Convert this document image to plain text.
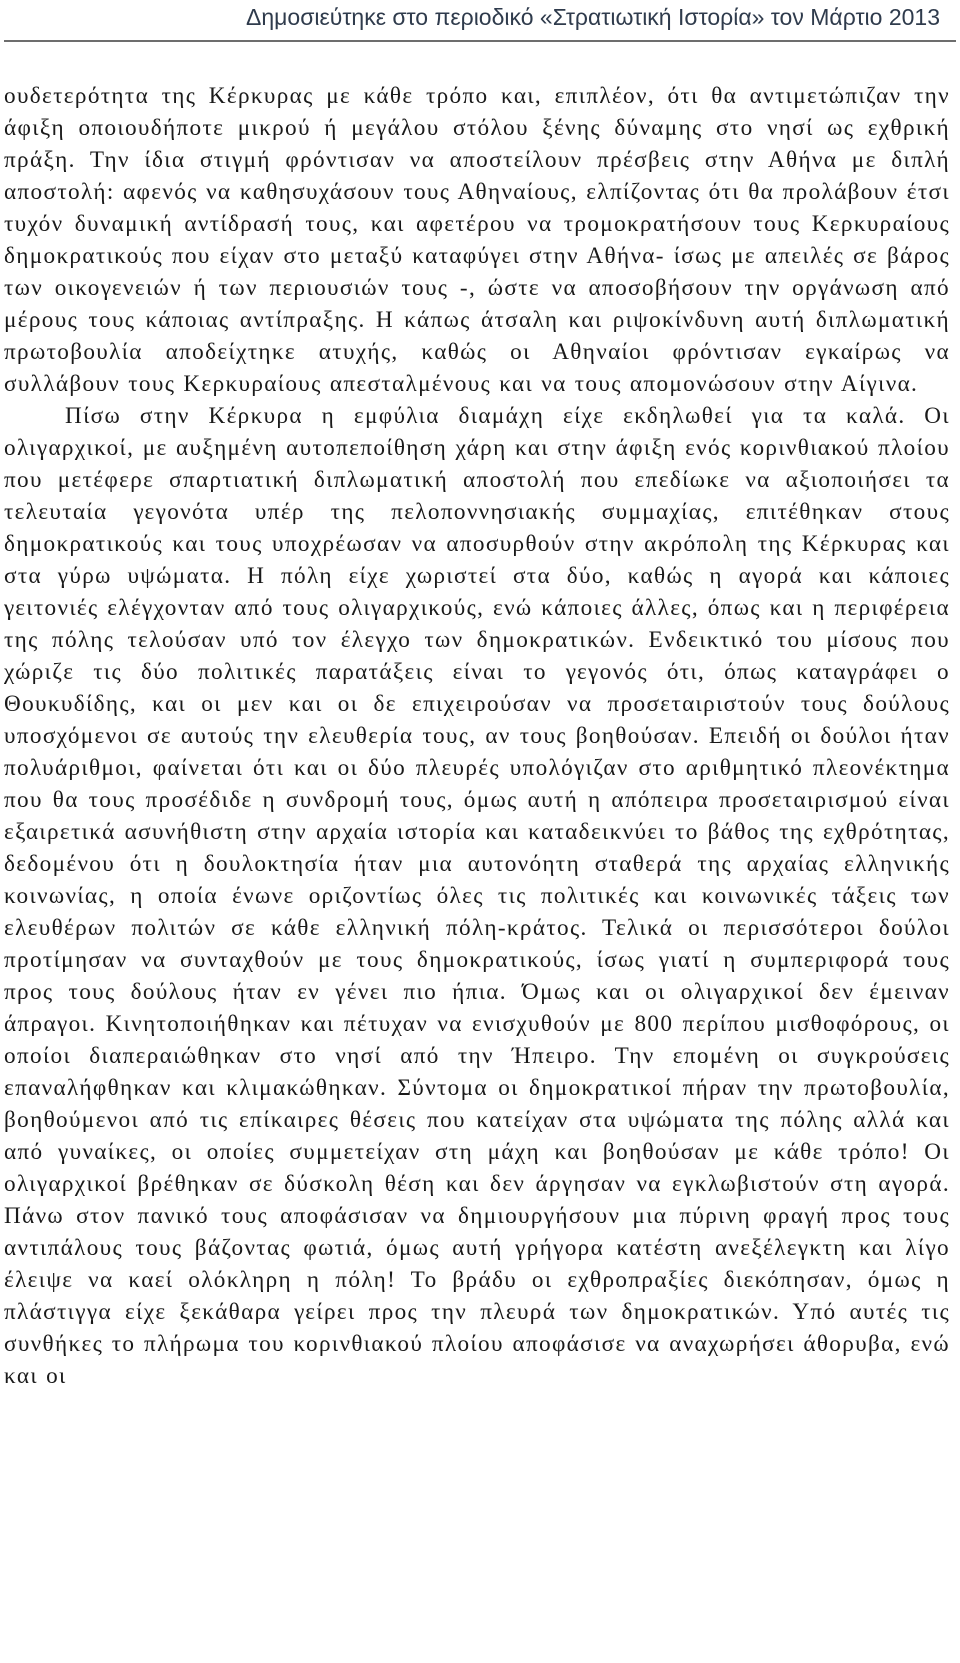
Δημοσιεύτηκε στο περιοδικό «Στρατιωτική Ιστορία» τον Μάρτιο 2013

ουδετερότητα της Κέρκυρας με κάθε τρόπο και, επιπλέον, ότι θα αντιμετώπιζαν την άφιξη οποιουδήποτε μικρού ή μεγάλου στόλου ξένης δύναμης στο νησί ως εχθρική πράξη. Την ίδια στιγμή φρόντισαν να αποστείλουν πρέσβεις στην Αθήνα με διπλή αποστολή: αφενός να καθησυχάσουν τους Αθηναίους, ελπίζοντας ότι θα προλάβουν έτσι τυχόν δυναμική αντίδρασή τους, και αφετέρου να τρομοκρατήσουν τους Κερκυραίους δημοκρατικούς που είχαν στο μεταξύ καταφύγει στην Αθήνα- ίσως με απειλές σε βάρος των οικογενειών ή των περιουσιών τους -, ώστε να αποσοβήσουν την οργάνωση από μέρους τους κάποιας αντίπραξης. Η κάπως άτσαλη και ριψοκίνδυνη αυτή διπλωματική πρωτοβουλία αποδείχτηκε ατυχής, καθώς οι Αθηναίοι φρόντισαν εγκαίρως να συλλάβουν τους Κερκυραίους απεσταλμένους και να τους απομονώσουν στην Αίγινα.

Πίσω στην Κέρκυρα η εμφύλια διαμάχη είχε εκδηλωθεί για τα καλά. Οι ολιγαρχικοί, με αυξημένη αυτοπεποίθηση χάρη και στην άφιξη ενός κορινθιακού πλοίου που μετέφερε σπαρτιατική διπλωματική αποστολή που επεδίωκε να αξιοποιήσει τα τελευταία γεγονότα υπέρ της πελοποννησιακής συμμαχίας, επιτέθηκαν στους δημοκρατικούς και τους υποχρέωσαν να αποσυρθούν στην ακρόπολη της Κέρκυρας και στα γύρω υψώματα. Η πόλη είχε χωριστεί στα δύο, καθώς η αγορά και κάποιες γειτονιές ελέγχονταν από τους ολιγαρχικούς, ενώ κάποιες άλλες, όπως και η περιφέρεια της πόλης τελούσαν υπό τον έλεγχο των δημοκρατικών. Ενδεικτικό του μίσους που χώριζε τις δύο πολιτικές παρατάξεις είναι το γεγονός ότι, όπως καταγράφει ο Θουκυδίδης, και οι μεν και οι δε επιχειρούσαν να προσεταιριστούν τους δούλους υποσχόμενοι σε αυτούς την ελευθερία τους, αν τους βοηθούσαν. Επειδή οι δούλοι ήταν πολυάριθμοι, φαίνεται ότι και οι δύο πλευρές υπολόγιζαν στο αριθμητικό πλεονέκτημα που θα τους προσέδιδε η συνδρομή τους, όμως αυτή η απόπειρα προσεταιρισμού είναι εξαιρετικά ασυνήθιστη στην αρχαία ιστορία και καταδεικνύει το βάθος της εχθρότητας, δεδομένου ότι η δουλοκτησία ήταν μια αυτονόητη σταθερά της αρχαίας ελληνικής κοινωνίας, η οποία ένωνε οριζοντίως όλες τις πολιτικές και κοινωνικές τάξεις των ελευθέρων πολιτών σε κάθε ελληνική πόλη-κράτος. Τελικά οι περισσότεροι δούλοι προτίμησαν να συνταχθούν με τους δημοκρατικούς, ίσως γιατί η συμπεριφορά τους προς τους δούλους ήταν εν γένει πιο ήπια. Όμως και οι ολιγαρχικοί δεν έμειναν άπραγοι. Κινητοποιήθηκαν και πέτυχαν να ενισχυθούν με 800 περίπου μισθοφόρους, οι οποίοι διαπεραιώθηκαν στο νησί από την Ήπειρο. Την επομένη οι συγκρούσεις επαναλήφθηκαν και κλιμακώθηκαν. Σύντομα οι δημοκρατικοί πήραν την πρωτοβουλία, βοηθούμενοι από τις επίκαιρες θέσεις που κατείχαν στα υψώματα της πόλης αλλά και από γυναίκες, οι οποίες συμμετείχαν στη μάχη και βοηθούσαν με κάθε τρόπο! Οι ολιγαρχικοί βρέθηκαν σε δύσκολη θέση και δεν άργησαν να εγκλωβιστούν στη αγορά. Πάνω στον πανικό τους αποφάσισαν να δημιουργήσουν μια πύρινη φραγή προς τους αντιπάλους τους βάζοντας φωτιά, όμως αυτή γρήγορα κατέστη ανεξέλεγκτη και λίγο έλειψε να καεί ολόκληρη η πόλη! Το βράδυ οι εχθροπραξίες διεκόπησαν, όμως η πλάστιγγα είχε ξεκάθαρα γείρει προς την πλευρά των δημοκρατικών. Υπό αυτές τις συνθήκες το πλήρωμα του κορινθιακού πλοίου αποφάσισε να αναχωρήσει άθορυβα, ενώ και οι
